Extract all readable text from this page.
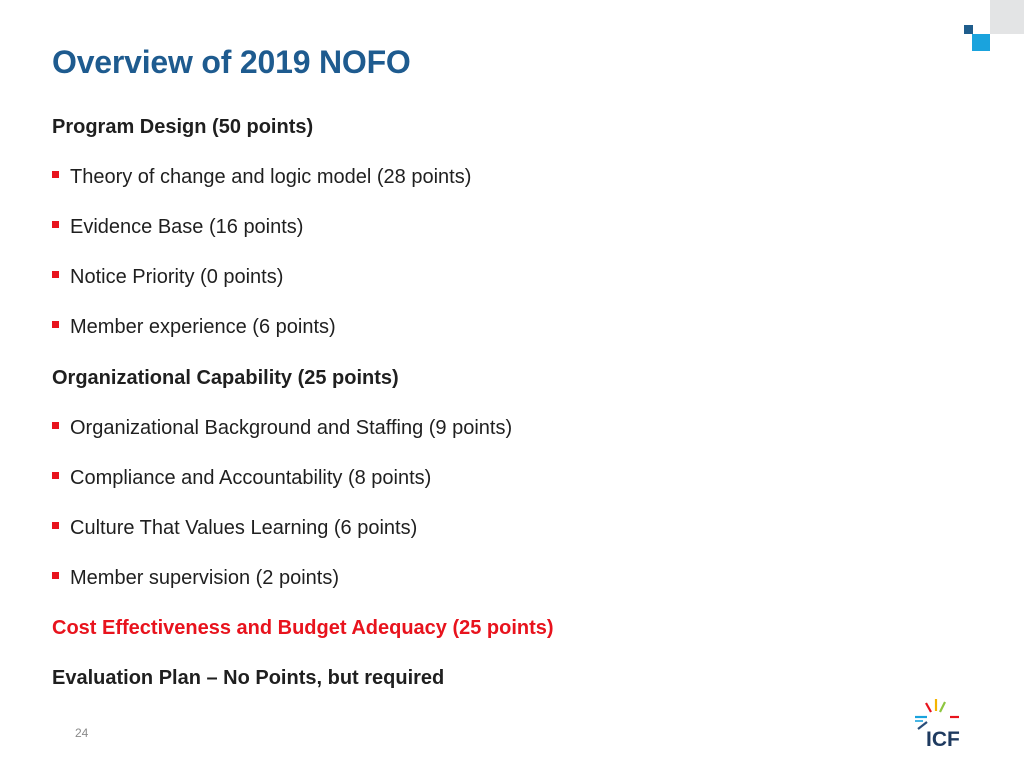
Overview of 2019 NOFO
Program Design (50 points)
Theory of change and logic model (28 points)
Evidence Base (16 points)
Notice Priority (0 points)
Member experience (6 points)
Organizational Capability (25 points)
Organizational Background and Staffing (9 points)
Compliance and Accountability (8 points)
Culture That Values Learning (6 points)
Member supervision (2 points)
Cost Effectiveness and Budget Adequacy (25 points)
Evaluation Plan – No Points, but required
24	ICF
